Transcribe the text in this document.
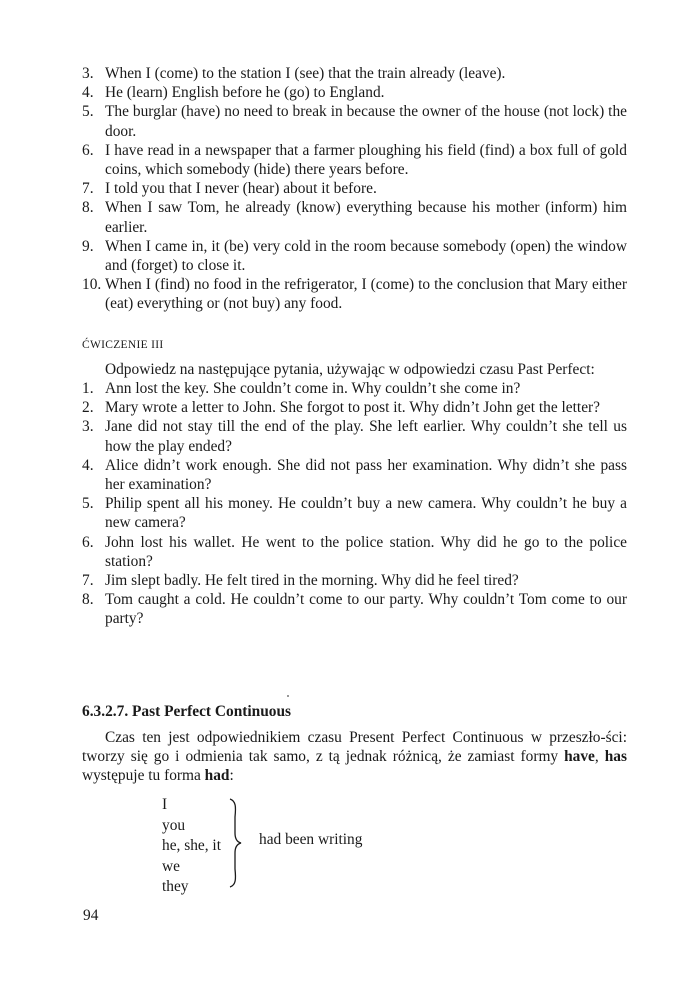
3. When I (come) to the station I (see) that the train already (leave).
4. He (learn) English before he (go) to England.
5. The burglar (have) no need to break in because the owner of the house (not lock) the door.
6. I have read in a newspaper that a farmer ploughing his field (find) a box full of gold coins, which somebody (hide) there years before.
7. I told you that I never (hear) about it before.
8. When I saw Tom, he already (know) everything because his mother (inform) him earlier.
9. When I came in, it (be) very cold in the room because somebody (open) the window and (forget) to close it.
10. When I (find) no food in the refrigerator, I (come) to the conclusion that Mary either (eat) everything or (not buy) any food.
ĆWICZENIE III
Odpowiedz na następujące pytania, używając w odpowiedzi czasu Past Perfect:
1. Ann lost the key. She couldn’t come in. Why couldn’t she come in?
2. Mary wrote a letter to John. She forgot to post it. Why didn’t John get the letter?
3. Jane did not stay till the end of the play. She left earlier. Why couldn’t she tell us how the play ended?
4. Alice didn’t work enough. She did not pass her examination. Why didn’t she pass her examination?
5. Philip spent all his money. He couldn’t buy a new camera. Why couldn’t he buy a new camera?
6. John lost his wallet. He went to the police station. Why did he go to the police station?
7. Jim slept badly. He felt tired in the morning. Why did he feel tired?
8. Tom caught a cold. He couldn’t come to our party. Why couldn’t Tom come to our party?
6.3.2.7. Past Perfect Continuous
Czas ten jest odpowiednikiem czasu Present Perfect Continuous w przeszło-ści: tworzy się go i odmienia tak samo, z tą jednak różnicą, że zamiast formy have, has występuje tu forma had:
I
you
he, she, it
we
they
had been writing
94
